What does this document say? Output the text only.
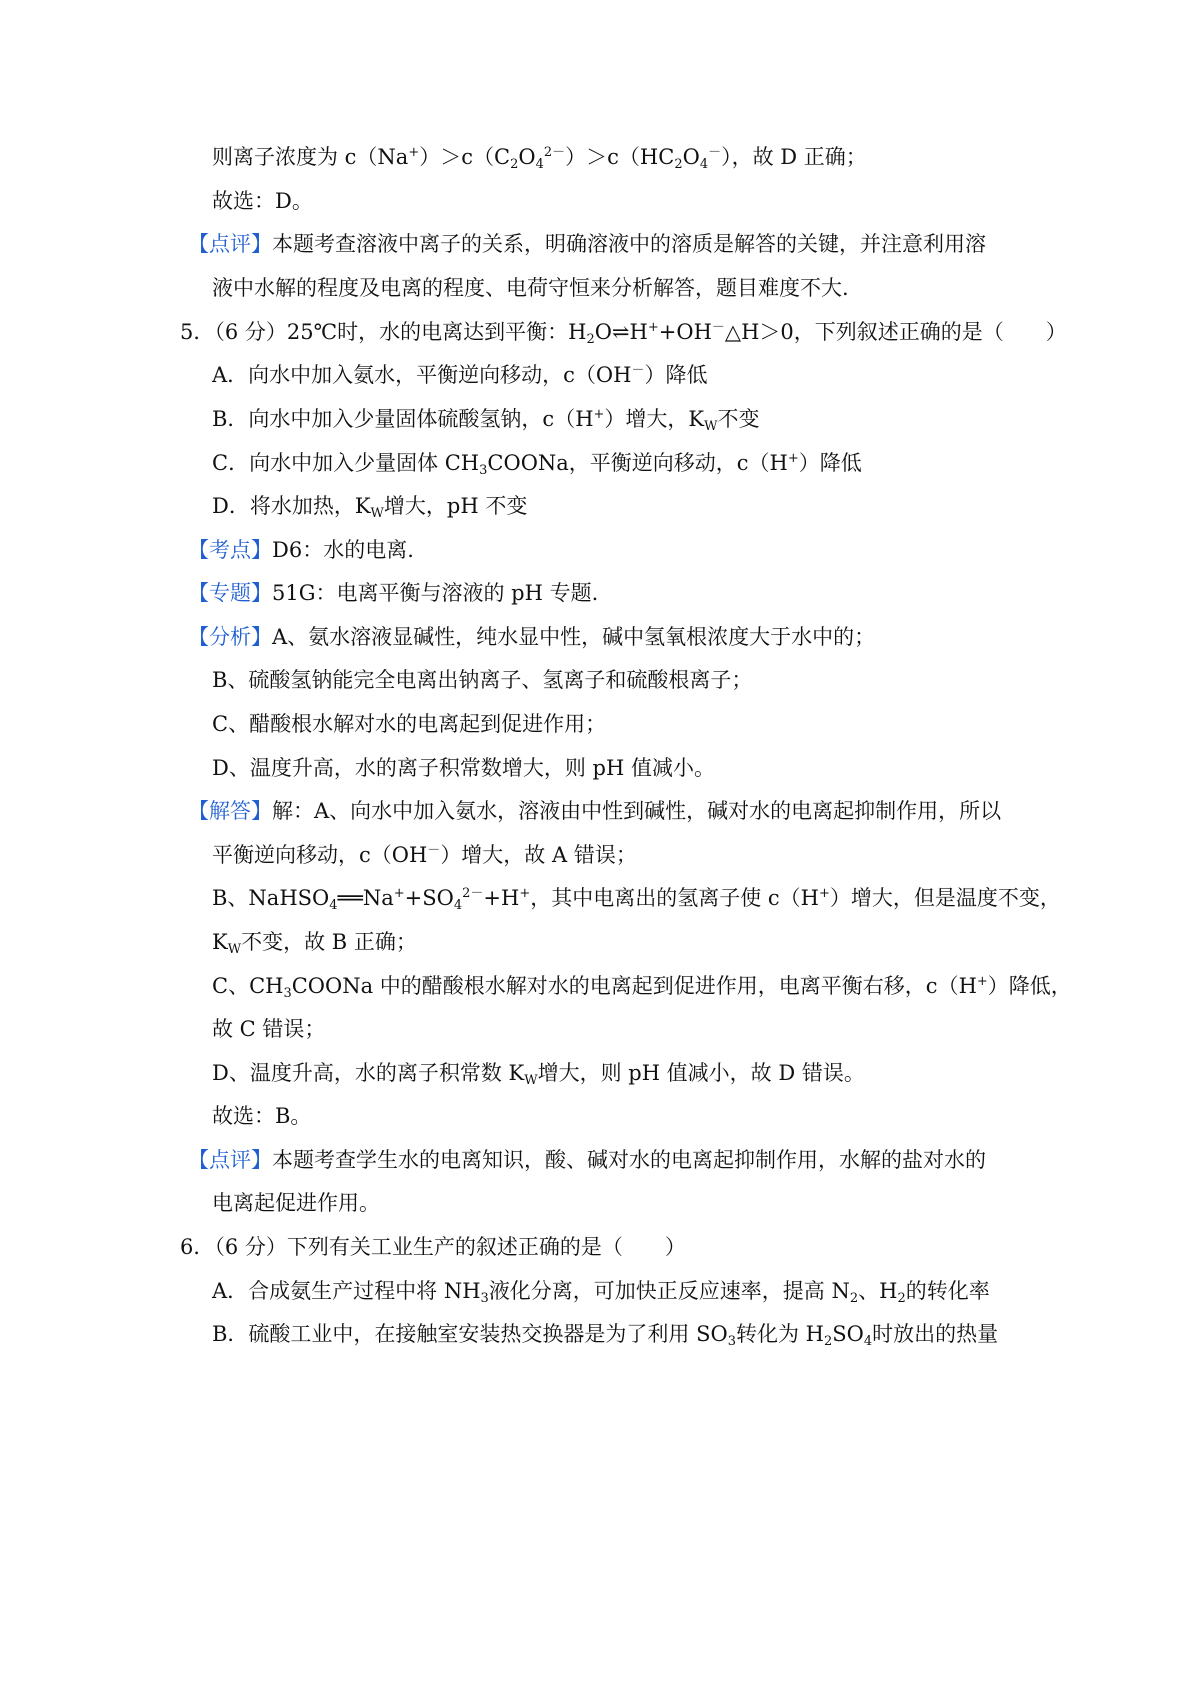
则离子浓度为 $c(Na^+)>c(C_2O_4^{2-})>c(HC_2O_4^-)$，故 D 正确；
故选：D。
【点评】本题考查溶液中离子的关系，明确溶液中的溶质是解答的关键，并注意利用溶
液中水解的程度及电离的程度、电荷守恒来分析解答，题目难度不大.
5．（6 分）25℃时，水的电离达到平衡：$H_2O\rightleftharpoons H^++OH^-\triangle H>0$，下列叙述正确的是（　　）
A．向水中加入氨水，平衡逆向移动，c（OH－）降低
B．向水中加入少量固体硫酸氢钠，c（H+）增大，$K_W$不变
C．向水中加入少量固体 $CH_3COONa$，平衡逆向移动，c（H+）降低
D．将水加热，$K_W$增大，pH 不变
【考点】D6：水的电离.
【专题】51G：电离平衡与溶液的 pH 专题.
【分析】A、氨水溶液显碱性，纯水显中性，碱中氢氧根浓度大于水中的；
B、硫酸氢钠能完全电离出钠离子、氢离子和硫酸根离子；
C、醋酸根水解对水的电离起到促进作用；
D、温度升高，水的离子积常数增大，则 pH 值减小。
【解答】解：A、向水中加入氨水，溶液由中性到碱性，碱对水的电离起抑制作用，所以
平衡逆向移动，c（OH－）增大，故 A 错误；
B、$NaHSO_4══Na^++SO_4^{2-}+H^+$，其中电离出的氢离子使 c（H+）增大，但是温度不变，
$K_W$不变，故 B 正确；
C、$CH_3COONa$ 中的醋酸根水解对水的电离起到促进作用，电离平衡右移，c（H+）降低，
故 C 错误；
D、温度升高，水的离子积常数 $K_W$增大，则 pH 值减小，故 D 错误。
故选：B。
【点评】本题考查学生水的电离知识，酸、碱对水的电离起抑制作用，水解的盐对水的
电离起促进作用。
6．（6 分）下列有关工业生产的叙述正确的是（　　）
A．合成氨生产过程中将 $NH_3$液化分离，可加快正反应速率，提高 $N_2$、$H_2$的转化率
B．硫酸工业中，在接触室安装热交换器是为了利用 $SO_3$转化为 $H_2SO_4$时放出的热量
